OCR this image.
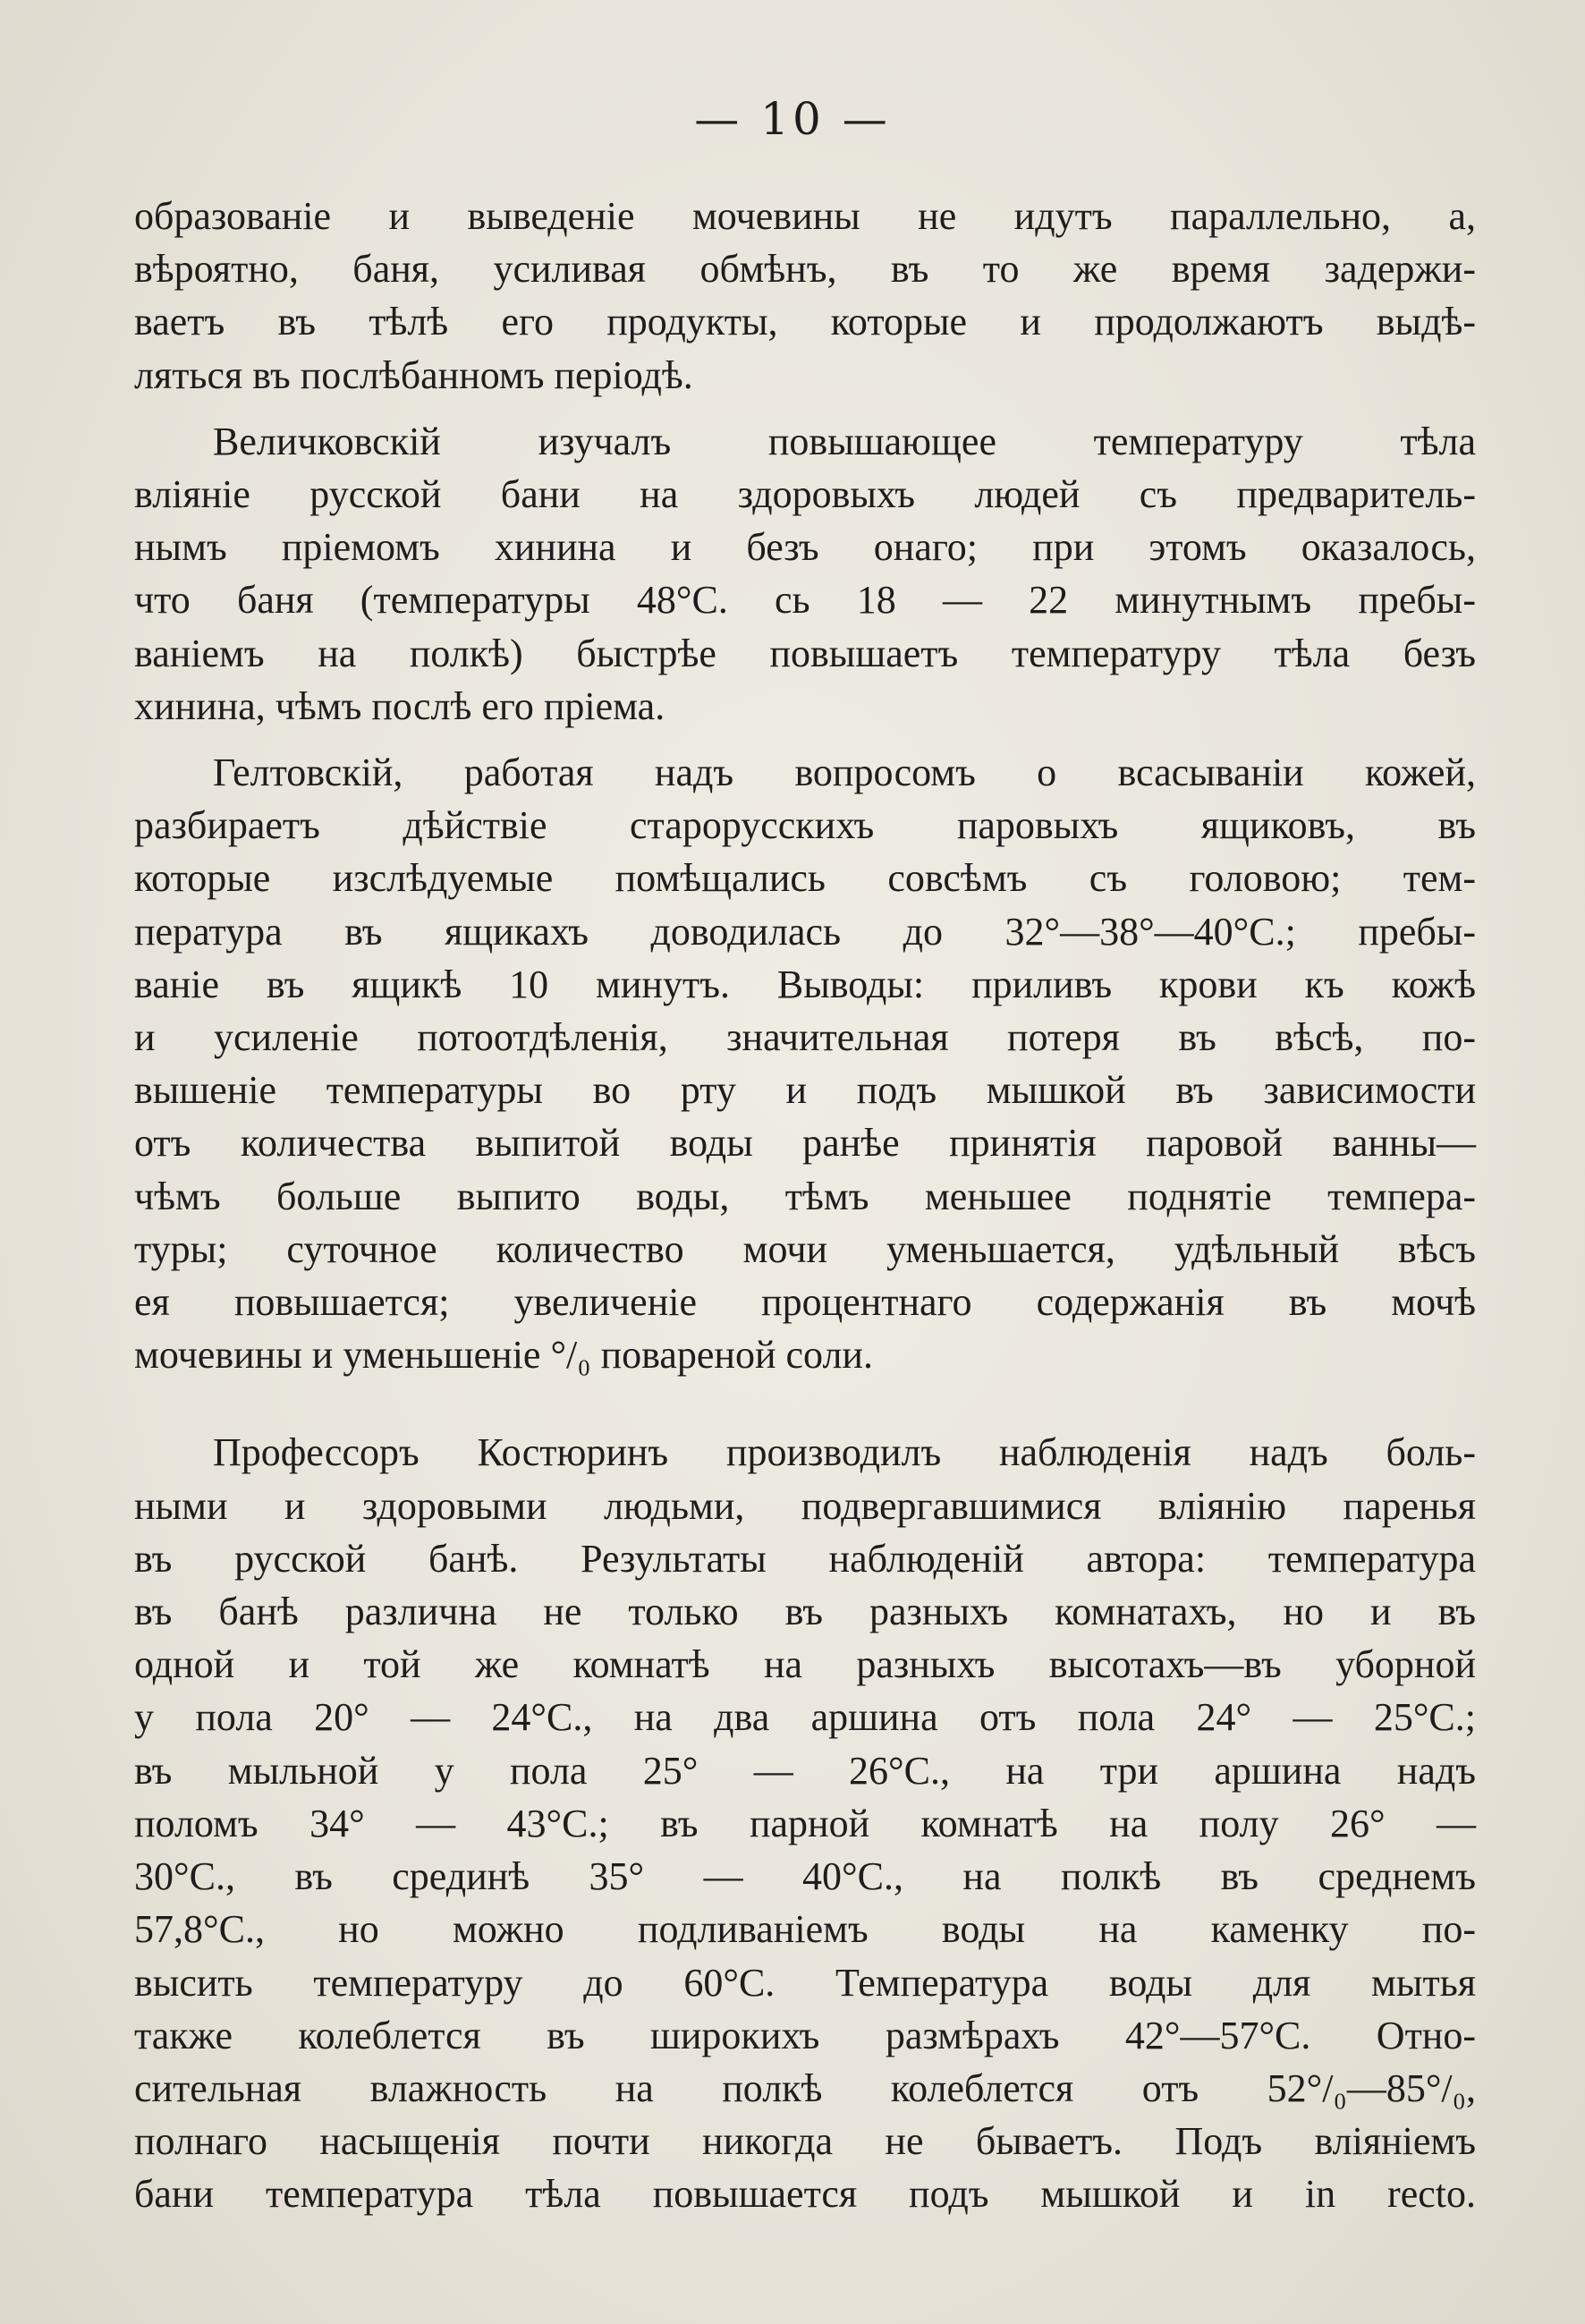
— 10 —
образованіе и выведеніе мочевины не идутъ параллельно, а,
вѣроятно, баня, усиливая обмѣнъ, въ то же время задержи-
ваетъ въ тѣлѣ его продукты, которые и продолжаютъ выдѣ-
ляться въ послѣбанномъ періодѣ.
Величковскій изучалъ повышающее температуру тѣла
вліяніе русской бани на здоровыхъ людей съ предваритель-
нымъ пріемомъ хинина и безъ онаго; при этомъ оказалось,
что баня (температуры 48°С. сь 18 — 22 минутнымъ пребы-
ваніемъ на полкѣ) быстрѣе повышаетъ температуру тѣла безъ
хинина, чѣмъ послѣ его пріема.
Гелтовскій, работая надъ вопросомъ о всасываніи кожей,
разбираетъ дѣйствіе старорусскихъ паровыхъ ящиковъ, въ
которые изслѣдуемые помѣщались совсѣмъ съ головою; тем-
пература въ ящикахъ доводилась до 32°—38°—40°С.; пребы-
ваніе въ ящикѣ 10 минутъ. Выводы: приливъ крови къ кожѣ
и усиленіе потоотдѣленія, значительная потеря въ вѣсѣ, по-
вышеніе температуры во рту и подъ мышкой въ зависимости
отъ количества выпитой воды ранѣе принятія паровой ванны—
чѣмъ больше выпито воды, тѣмъ меньшее поднятіе темпера-
туры; суточное количество мочи уменьшается, удѣльный вѣсъ
ея повышается; увеличеніе процентнаго содержанія въ мочѣ
мочевины и уменьшеніе °/₀ повареной соли.
Профессоръ Костюринъ производилъ наблюденія надъ боль-
ными и здоровыми людьми, подвергавшимися вліянію паренья
въ русской банѣ. Результаты наблюденій автора: температура
въ банѣ различна не только въ разныхъ комнатахъ, но и въ
одной и той же комнатѣ на разныхъ высотахъ—въ уборной
у пола 20° — 24°С., на два аршина отъ пола 24° — 25°С.;
въ мыльной у пола 25° — 26°С., на три аршина надъ
поломъ 34° — 43°С.; въ парной комнатѣ на полу 26° —
30°С., въ срединѣ 35° — 40°С., на полкѣ въ среднемъ
57,8°С., но можно подливаніемъ воды на каменку по-
высить температуру до 60°С. Температура воды для мытья
также колеблется въ широкихъ размѣрахъ 42°—57°С. Отно-
сительная влажность на полкѣ колеблется отъ 52°/₀—85°/₀,
полнаго насыщенія почти никогда не бываетъ. Подъ вліяніемъ
бани температура тѣла повышается подъ мышкой и in recto.
